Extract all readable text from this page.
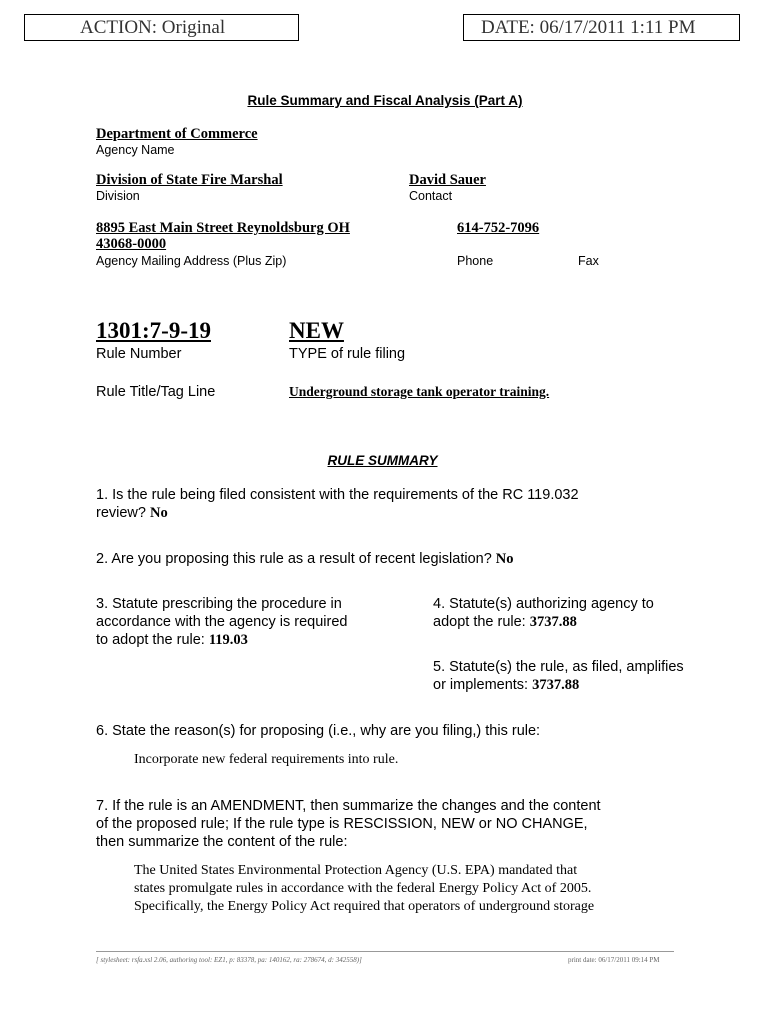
ACTION: Original	DATE: 06/17/2011 1:11 PM
Rule Summary and Fiscal Analysis (Part A)
Department of Commerce
Agency Name
Division of State Fire Marshal
Division
David Sauer
Contact
8895 East Main Street Reynoldsburg OH
43068-0000
Agency Mailing Address (Plus Zip)
614-752-7096
Phone	Fax
1301:7-9-19
Rule Number
NEW
TYPE of rule filing
Rule Title/Tag Line	Underground storage tank operator training.
RULE SUMMARY
1. Is the rule being filed consistent with the requirements of the RC 119.032
review? No
2. Are you proposing this rule as a result of recent legislation? No
3. Statute prescribing the procedure in
accordance with the agency is required
to adopt the rule: 119.03
4. Statute(s) authorizing agency to
adopt the rule: 3737.88
5. Statute(s) the rule, as filed, amplifies
or implements: 3737.88
6. State the reason(s) for proposing (i.e., why are you filing,) this rule:
Incorporate new federal requirements into rule.
7. If the rule is an AMENDMENT, then summarize the changes and the content
of the proposed rule; If the rule type is RESCISSION, NEW or NO CHANGE,
then summarize the content of the rule:
The United States Environmental Protection Agency (U.S. EPA) mandated that
states promulgate rules in accordance with the federal Energy Policy Act of 2005.
Specifically, the Energy Policy Act required that operators of underground storage
[ stylesheet: rsfa.xsl 2.06, authoring tool: EZ1, p: 83378, pa: 140162, ra: 278674, d: 342558)]	print date: 06/17/2011 09:14 PM
